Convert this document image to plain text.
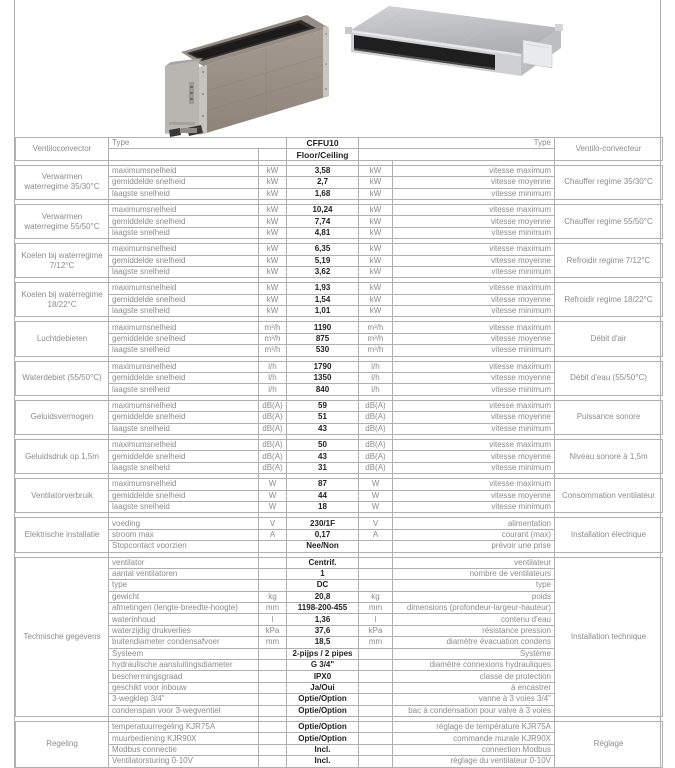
Ventiloconvector	Type		CFFU10	Type	Ventilo-convecteur
			Floor/Ceiling		
Verwarmen waterregime 35/30°C	maximumsnelheid	kW	3,58	kW	vitesse maximum	Chauffer regime 35/30°C
	gemiddelde snelheid	kW	2,7	kW	vitesse moyenne	
	laagste snelheid	kW	1,68	kW	vitesse minimum	
Verwarmen waterregime 55/50°C	maximumsnelheid	kW	10,24	kW	vitesse maximum	Chauffer regime 55/50°C
	gemiddelde snelheid	kW	7,74	kW	vitesse moyenne	
	laagste snelheid	kW	4,81	kW	vitesse minimum	
Koelen bij waterregime 7/12°C	maximumsnelheid	kW	6,35	kW	vitesse maximum	Refroidir regime 7/12°C
	gemiddelde snelheid	kW	5,19	kW	vitesse moyenne	
	laagste snelheid	kW	3,62	kW	vitesse minimum	
Koelen bij waterregime 18/22°C	maximumsnelheid	kW	1,93	kW	vitesse maximum	Refroidir regime 18/22°C
	gemiddelde snelheid	kW	1,54	kW	vitesse moyenne	
	laagste snelheid	kW	1,01	kW	vitesse minimum	
Luchtdebieten	maximumsnelheid	m³/h	1190	m³/h	vitesse maximum	Débit d'air
	gemiddelde snelheid	m³/h	875	m³/h	vitesse moyenne	
	laagste snelheid	m³/h	530	m³/h	vitesse minimum	
Waterdebiet (55/50°C)	maximumsnelheid	l/h	1790	l/h	vitesse maximum	Débit d'eau (55/50°C)
	gemiddelde snelheid	l/h	1350	l/h	vitesse moyenne	
	laagste snelheid	l/h	840	l/h	vitesse minimum	
Geluidsvermogen	maximumsnelheid	dB(A)	59	dB(A)	vitesse maximum	Puissance sonore
	gemiddelde snelheid	dB(A)	51	dB(A)	vitesse moyenne	
	laagste snelheid	dB(A)	43	dB(A)	vitesse minimum	
Geluidsdruk op 1,5m	maximumsnelheid	dB(A)	50	dB(A)	vitesse maximum	Niveau sonore à 1,5m
	gemiddelde snelheid	dB(A)	43	dB(A)	vitesse moyenne	
	laagste snelheid	dB(A)	31	dB(A)	vitesse minimum	
Ventilatorverbruik	maximumsnelheid	W	87	W	vitesse maximum	Consommation ventilateur
	gemiddelde snelheid	W	44	W	vitesse moyenne	
	laagste snelheid	W	18	W	vitesse minimum	
Elektrische installatie	voeding	V	230/1F	V	alimentation	Installation électrique
	stroom max	A	0,17	A	courant (max)	
	Stopcontact voorzien		Nee/Non		prévoir une prise	
Technische gegevens	ventilator		Centrif.		ventilateur	Installation technique
	aantal ventilatoren		1		nombre de ventilateurs	
	type		DC		type	
	gewicht	kg	20,8	kg	poids	
	afmetingen (lengte-breedte-hoogte)	mm	1198-200-455	mm	dimensions (profondeur-largeur-hauteur)	
	waterinhoud	l	1,36	l	contenu d'eau	
	waterzijdig drukverlies	kPa	37,6	kPa	résistance pression	
	buitendiameter condensafvoer	mm	18,5	mm	diamètre évacuation condens	
	Systeem		2-pijps / 2 pipes		Système	
	hydraulische aansluitingsdiameter		G 3/4"		diamètre connexions hydrauliques	
	beschermingsgraad		IPX0		classe de protection	
	geschikt voor inbouw		Ja/Oui		à encastrer	
	3-wegklep 3/4"		Optie/Option		vanne à 3 voies 3/4"	
	condenspan voor 3-wegventiel		Optie/Option		bac à condensation pour valve à 3 voies	
Regeling	temperatuurregeling KJR75A		Optie/Option		réglage de température KJR75A	Réglage
	muurbediening KJR90X		Optie/Option		commande murale KJR90X	
	Modbus connectie		Incl.		connection Modbus	
	Ventilatorsturing 0-10V		Incl.		réglage du ventilateur 0-10V	
